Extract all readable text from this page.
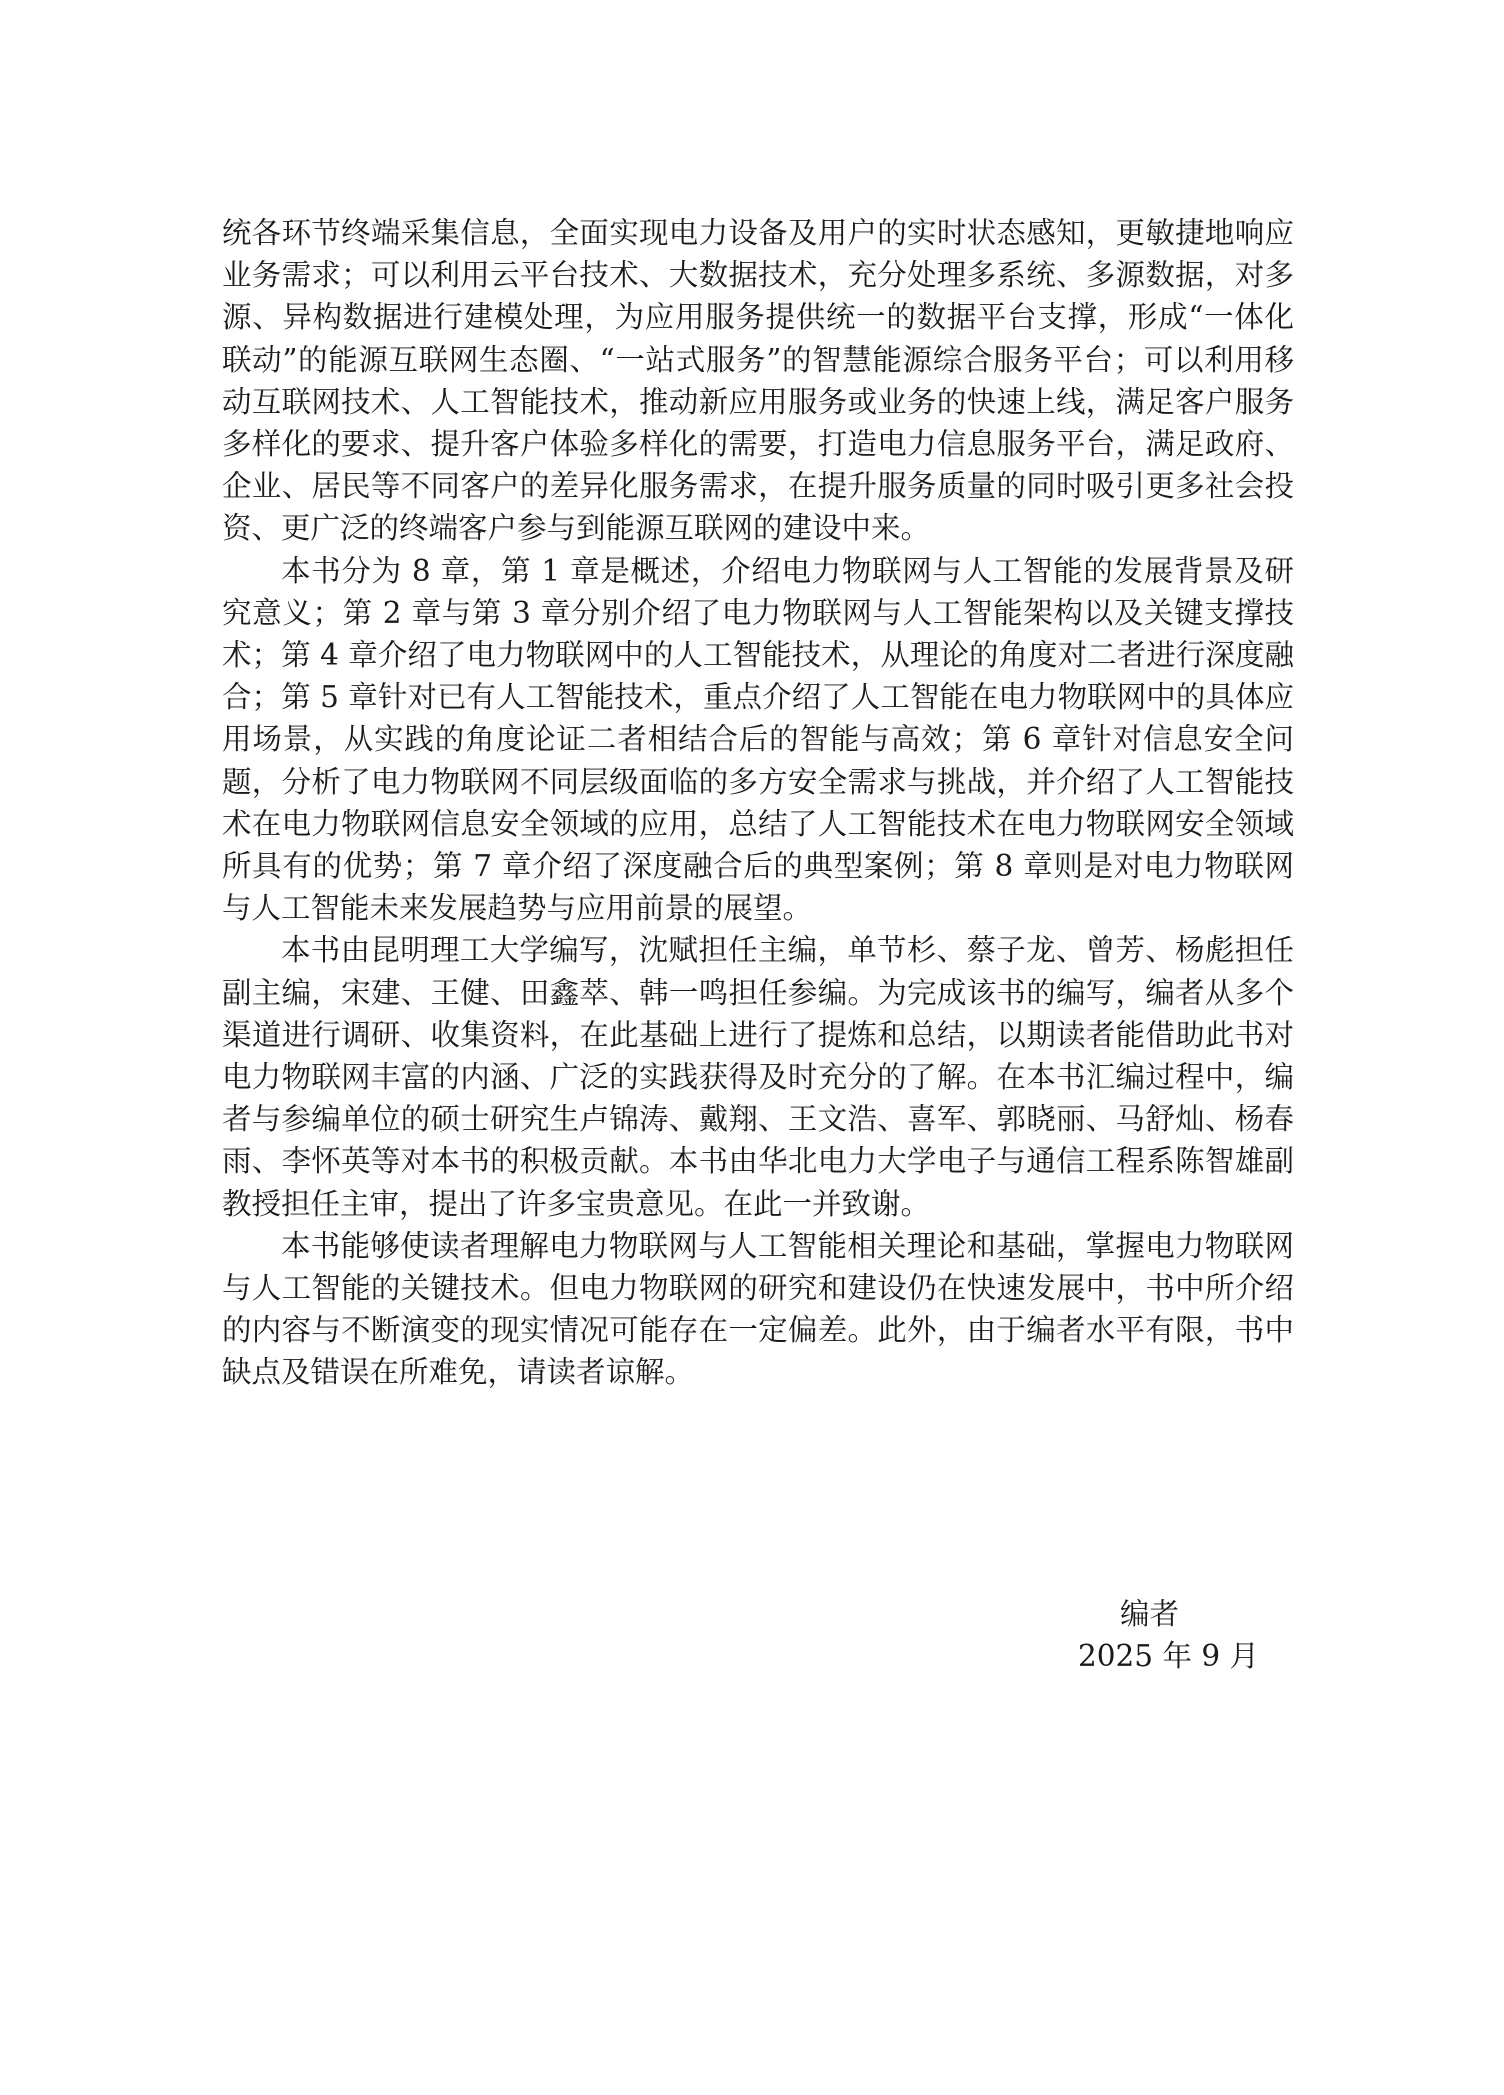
统各环节终端采集信息，全面实现电力设备及用户的实时状态感知，更敏捷地响应业务需求；可以利用云平台技术、大数据技术，充分处理多系统、多源数据，对多源、异构数据进行建模处理，为应用服务提供统一的数据平台支撑，形成“一体化联动”的能源互联网生态圈、“一站式服务”的智慧能源综合服务平台；可以利用移动互联网技术、人工智能技术，推动新应用服务或业务的快速上线，满足客户服务多样化的要求、提升客户体验多样化的需要，打造电力信息服务平台，满足政府、企业、居民等不同客户的差异化服务需求，在提升服务质量的同时吸引更多社会投资、更广泛的终端客户参与到能源互联网的建设中来。

本书分为 8 章，第 1 章是概述，介绍电力物联网与人工智能的发展背景及研究意义；第 2 章与第 3 章分别介绍了电力物联网与人工智能架构以及关键支撑技术；第 4 章介绍了电力物联网中的人工智能技术，从理论的角度对二者进行深度融合；第 5 章针对已有人工智能技术，重点介绍了人工智能在电力物联网中的具体应用场景，从实践的角度论证二者相结合后的智能与高效；第 6 章针对信息安全问题，分析了电力物联网不同层级面临的多方安全需求与挑战，并介绍了人工智能技术在电力物联网信息安全领域的应用，总结了人工智能技术在电力物联网安全领域所具有的优势；第 7 章介绍了深度融合后的典型案例；第 8 章则是对电力物联网与人工智能未来发展趋势与应用前景的展望。

本书由昆明理工大学编写，沈赋担任主编，单节杉、蔡子龙、曾芳、杨彪担任副主编，宋建、王健、田鑫萃、韩一鸣担任参编。为完成该书的编写，编者从多个渠道进行调研、收集资料，在此基础上进行了提炼和总结，以期读者能借助此书对电力物联网丰富的内涵、广泛的实践获得及时充分的了解。在本书汇编过程中，编者与参编单位的硕士研究生卢锦涛、戴翔、王文浩、喜军、郭晓丽、马舒灿、杨春雨、李怀英等对本书的积极贡献。本书由华北电力大学电子与通信工程系陈智雄副教授担任主审，提出了许多宝贵意见。在此一并致谢。

本书能够使读者理解电力物联网与人工智能相关理论和基础，掌握电力物联网与人工智能的关键技术。但电力物联网的研究和建设仍在快速发展中，书中所介绍的内容与不断演变的现实情况可能存在一定偏差。此外，由于编者水平有限，书中缺点及错误在所难免，请读者谅解。

编者
2025 年 9 月
